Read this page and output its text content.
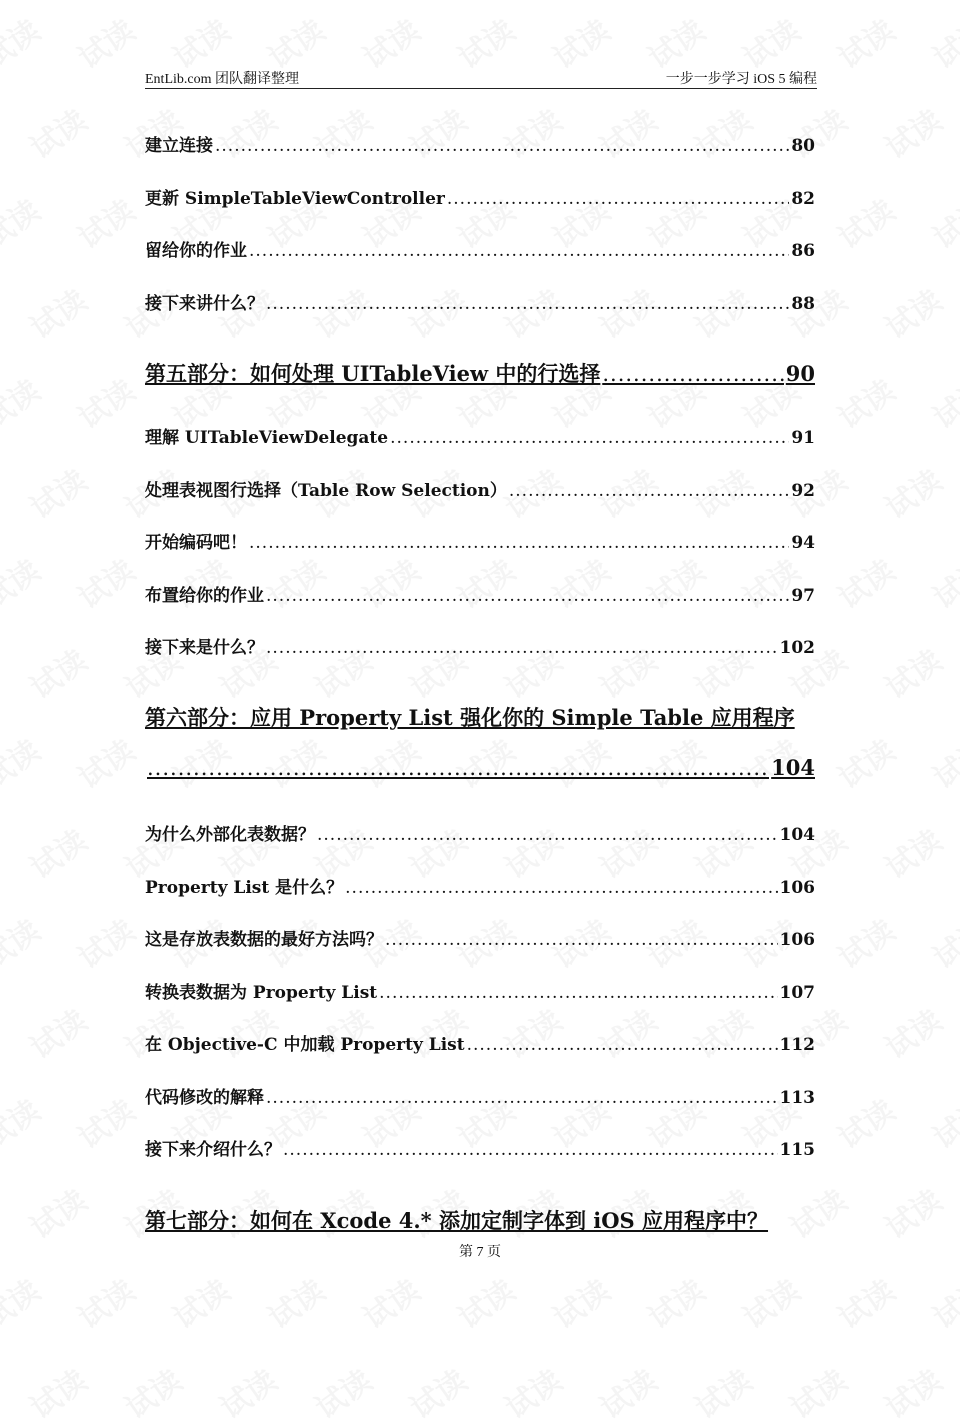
EntLib.com 团队翻译整理	一步一步学习 iOS 5 编程
建立连接 .....	80
更新 SimpleTableViewController .....	82
留给你的作业 .....	86
接下来讲什么？ .....	88
第五部分：如何处理 UITableView 中的行选择 .....	90
理解 UITableViewDelegate .....	91
处理表视图行选择（Table Row Selection） .....	92
开始编码吧！ .....	94
布置给你的作业 .....	97
接下来是什么？ .....	102
第六部分：应用 Property List 强化你的 Simple Table 应用程序
.....
104
为什么外部化表数据？ .....	104
Property List 是什么？ .....	106
这是存放表数据的最好方法吗？ .....	106
转换表数据为 Property List .....	107
在 Objective-C 中加载 Property List .....	112
代码修改的解释 .....	113
接下来介绍什么？ .....	115
第七部分：如何在 Xcode 4.* 添加定制字体到 iOS 应用程序中？
第 7 页
